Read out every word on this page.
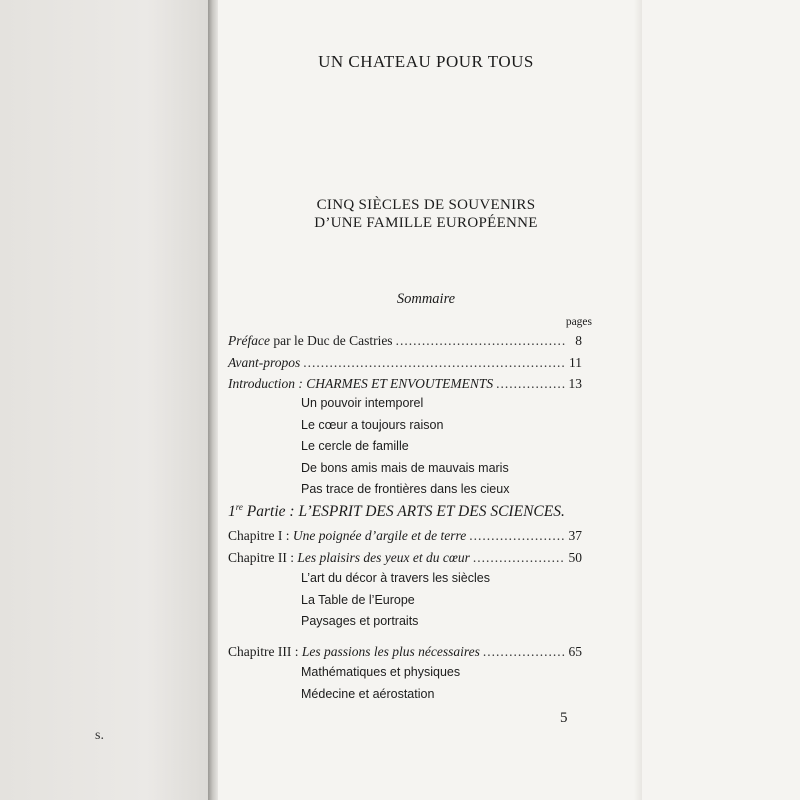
s.
UN CHATEAU POUR TOUS
CINQ SIÈCLES DE SOUVENIRS
D’UNE FAMILLE EUROPÉENNE
Sommaire
pages
Préface par le Duc de Castries .....	8
Avant-propos .....	11
Introduction : CHARMES ET ENVOUTEMENTS .....	13
Un pouvoir intemporel
Le cœur a toujours raison
Le cercle de famille
De bons amis mais de mauvais maris
Pas trace de frontières dans les cieux
1re Partie : L’ESPRIT DES ARTS ET DES SCIENCES.
Chapitre I : Une poignée d’argile et de terre .....	37
Chapitre II : Les plaisirs des yeux et du cœur .....	50
L’art du décor à travers les siècles
La Table de l’Europe
Paysages et portraits
Chapitre III : Les passions les plus nécessaires .....	65
Mathématiques et physiques
Médecine et aérostation
5
